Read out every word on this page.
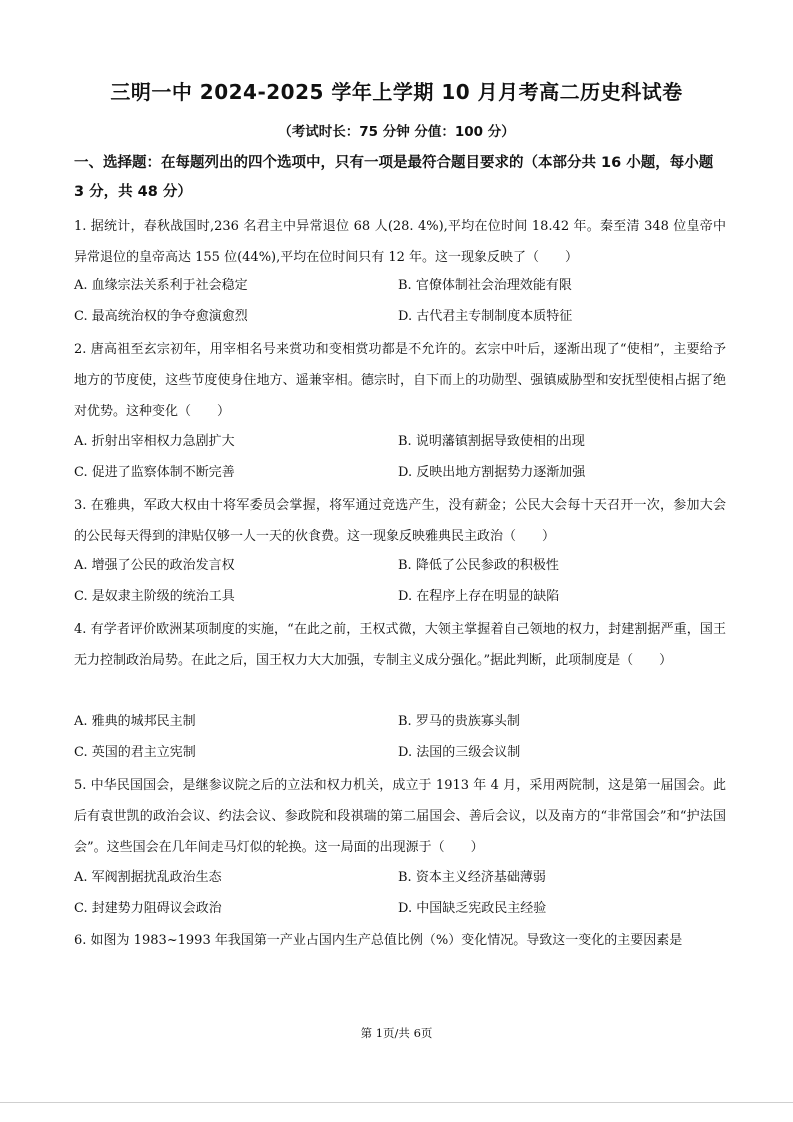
三明一中 2024-2025 学年上学期 10 月月考高二历史科试卷
（考试时长：75 分钟 分值：100 分）
一、选择题：在每题列出的四个选项中，只有一项是最符合题目要求的（本部分共 16 小题，每小题 3 分，共 48 分）
1. 据统计，春秋战国时,236 名君主中异常退位 68 人(28. 4%),平均在位时间 18.42 年。秦至清 348 位皇帝中异常退位的皇帝高达 155 位(44%),平均在位时间只有 12 年。这一现象反映了（　　）
A. 血缘宗法关系利于社会稳定	B. 官僚体制社会治理效能有限
C. 最高统治权的争夺愈演愈烈	D. 古代君主专制制度本质特征
2. 唐高祖至玄宗初年，用宰相名号来赏功和变相赏功都是不允许的。玄宗中叶后，逐渐出现了“使相”，主要给予地方的节度使，这些节度使身住地方、遥兼宰相。德宗时，自下而上的功勋型、强镇威胁型和安抚型使相占据了绝对优势。这种变化（　　）
A. 折射出宰相权力急剧扩大	B. 说明藩镇割据导致使相的出现
C. 促进了监察体制不断完善	D. 反映出地方割据势力逐渐加强
3. 在雅典，军政大权由十将军委员会掌握，将军通过竞选产生，没有薪金；公民大会每十天召开一次，参加大会的公民每天得到的津贴仅够一人一天的伙食费。这一现象反映雅典民主政治（　　）
A. 增强了公民的政治发言权	B. 降低了公民参政的积极性
C. 是奴隶主阶级的统治工具	D. 在程序上存在明显的缺陷
4. 有学者评价欧洲某项制度的实施，“在此之前，王权式微，大领主掌握着自己领地的权力，封建割据严重，国王无力控制政治局势。在此之后，国王权力大大加强，专制主义成分强化。”据此判断，此项制度是（　　）
A. 雅典的城邦民主制	B. 罗马的贵族寡头制
C. 英国的君主立宪制	D. 法国的三级会议制
5. 中华民国国会，是继参议院之后的立法和权力机关，成立于 1913 年 4 月，采用两院制，这是第一届国会。此后有袁世凯的政治会议、约法会议、参政院和段祺瑞的第二届国会、善后会议，以及南方的“非常国会”和“护法国会”。这些国会在几年间走马灯似的轮换。这一局面的出现源于（　　）
A. 军阀割据扰乱政治生态	B. 资本主义经济基础薄弱
C. 封建势力阻碍议会政治	D. 中国缺乏宪政民主经验
6. 如图为 1983~1993 年我国第一产业占国内生产总值比例（%）变化情况。导致这一变化的主要因素是
第 1页/共 6页
